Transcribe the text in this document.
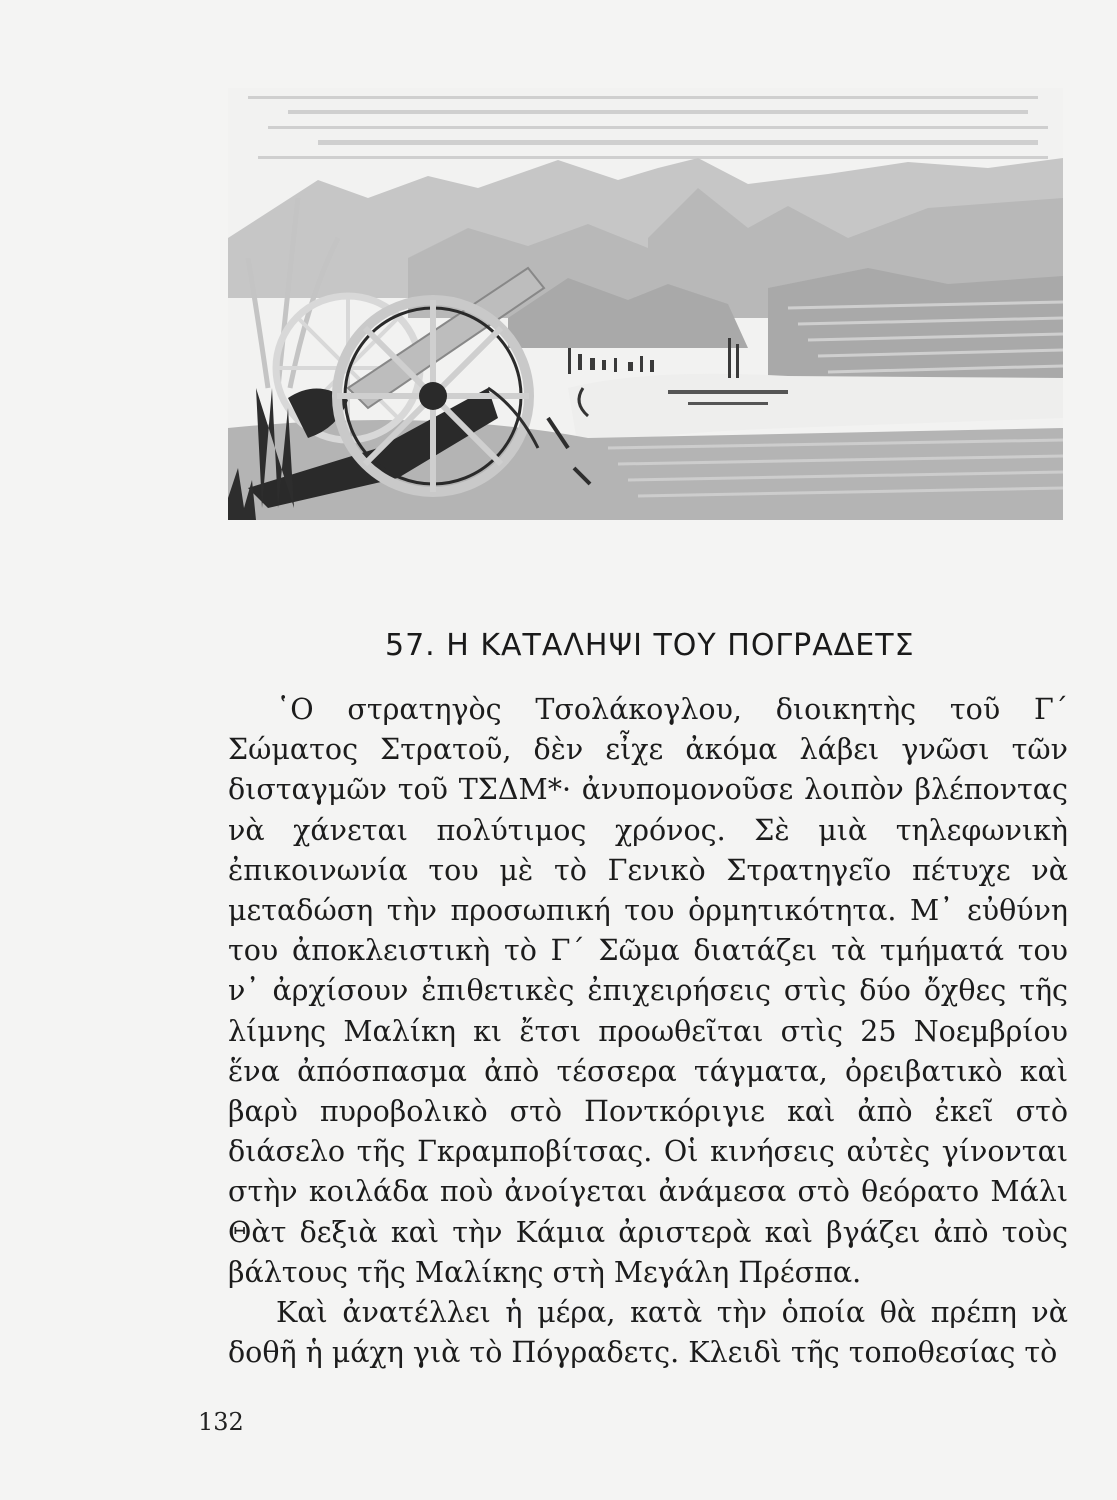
57. Η ΚΑΤΑΛΗΨΙ ΤΟΥ ΠΟΓΡΑΔΕΤΣ

῾Ο στρατηγὸς Τσολάκογλου, διοικητὴς τοῦ Γ΄ Σώματος Στρατοῦ, δὲν εἶχε ἀκόμα λάβει γνῶσι τῶν δισταγμῶν τοῦ ΤΣΔΜ*· ἀνυπομονοῦσε λοιπὸν βλέποντας νὰ χάνεται πολύτιμος χρόνος. Σὲ μιὰ τηλεφωνικὴ ἐπικοινωνία του μὲ τὸ Γενικὸ Στρατηγεῖο πέτυχε νὰ μεταδώση τὴν προσωπική του ὁρμητικότητα. Μ᾿ εὐθύνη του ἀποκλειστικὴ τὸ Γ΄ Σῶμα διατάζει τὰ τμήματά του ν᾿ ἀρχίσουν ἐπιθετικὲς ἐπιχειρήσεις στὶς δύο ὄχθες τῆς λίμνης Μαλίκη κι ἔτσι προωθεῖται στὶς 25 Νοεμβρίου ἕνα ἀπόσπασμα ἀπὸ τέσσερα τάγματα, ὀρειβατικὸ καὶ βαρὺ πυροβολικὸ στὸ Ποντκόριγιε καὶ ἀπὸ ἐκεῖ στὸ διάσελο τῆς Γκραμποβίτσας. Οἱ κινήσεις αὐτὲς γίνονται στὴν κοιλάδα ποὺ ἀνοίγεται ἀνάμεσα στὸ θεόρατο Μάλι Θὰτ δεξιὰ καὶ τὴν Κάμια ἀριστερὰ καὶ βγάζει ἀπὸ τοὺς βάλτους τῆς Μαλίκης στὴ Μεγάλη Πρέσπα.

Καὶ ἀνατέλλει ἡ μέρα, κατὰ τὴν ὁποία θὰ πρέπη νὰ δοθῆ ἡ μάχη γιὰ τὸ Πόγραδετς. Κλειδὶ τῆς τοποθεσίας τὸ

132
